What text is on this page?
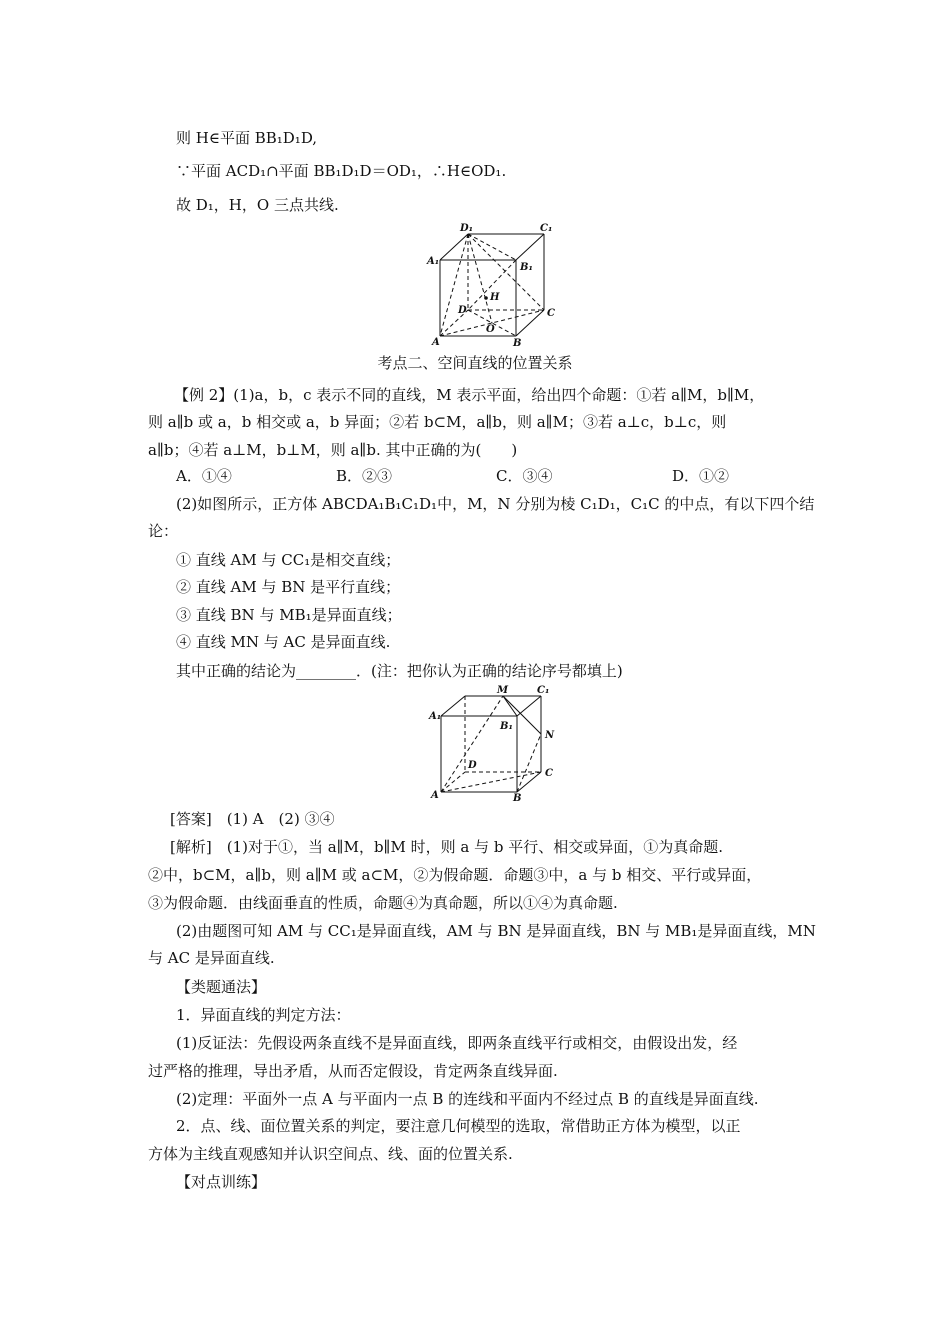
则 H∈平面 BB₁D₁D,
∵平面 ACD₁∩平面 BB₁D₁D＝OD₁，∴H∈OD₁.
故 D₁，H，O 三点共线.
D₁	C₁
A₁
B₁
H
D
O
C
A	B
考点二、空间直线的位置关系
【例 2】(1)a，b，c 表示不同的直线，M 表示平面，给出四个命题：①若 a∥M，b∥M，
则 a∥b 或 a，b 相交或 a，b 异面；②若 b⊂M，a∥b，则 a∥M；③若 a⊥c，b⊥c，则
a∥b；④若 a⊥M，b⊥M，则 a∥b. 其中正确的为(　　)
A．①④	B．②③	C．③④	D．①②
(2)如图所示，正方体 ABCDA₁B₁C₁D₁中，M，N 分别为棱 C₁D₁，C₁C 的中点，有以下四个结
论：
① 直线 AM 与 CC₁是相交直线；
② 直线 AM 与 BN 是平行直线；
③ 直线 BN 与 MB₁是异面直线；
④ 直线 MN 与 AC 是异面直线.
其中正确的结论为________．(注：把你认为正确的结论序号都填上)
A₁
M	C₁
B₁
N
D
C
A	B
[答案]　(1) A　(2) ③④
[解析]　(1)对于①，当 a∥M，b∥M 时，则 a 与 b 平行、相交或异面，①为真命题.
②中，b⊂M，a∥b，则 a∥M 或 a⊂M，②为假命题．命题③中，a 与 b 相交、平行或异面，
③为假命题．由线面垂直的性质，命题④为真命题，所以①④为真命题.
(2)由题图可知 AM 与 CC₁是异面直线，AM 与 BN 是异面直线，BN 与 MB₁是异面直线，MN
与 AC 是异面直线.
【类题通法】
1．异面直线的判定方法：
(1)反证法：先假设两条直线不是异面直线，即两条直线平行或相交，由假设出发，经
过严格的推理，导出矛盾，从而否定假设，肯定两条直线异面.
(2)定理：平面外一点 A 与平面内一点 B 的连线和平面内不经过点 B 的直线是异面直线.
2．点、线、面位置关系的判定，要注意几何模型的选取，常借助正方体为模型，以正
方体为主线直观感知并认识空间点、线、面的位置关系.
【对点训练】
